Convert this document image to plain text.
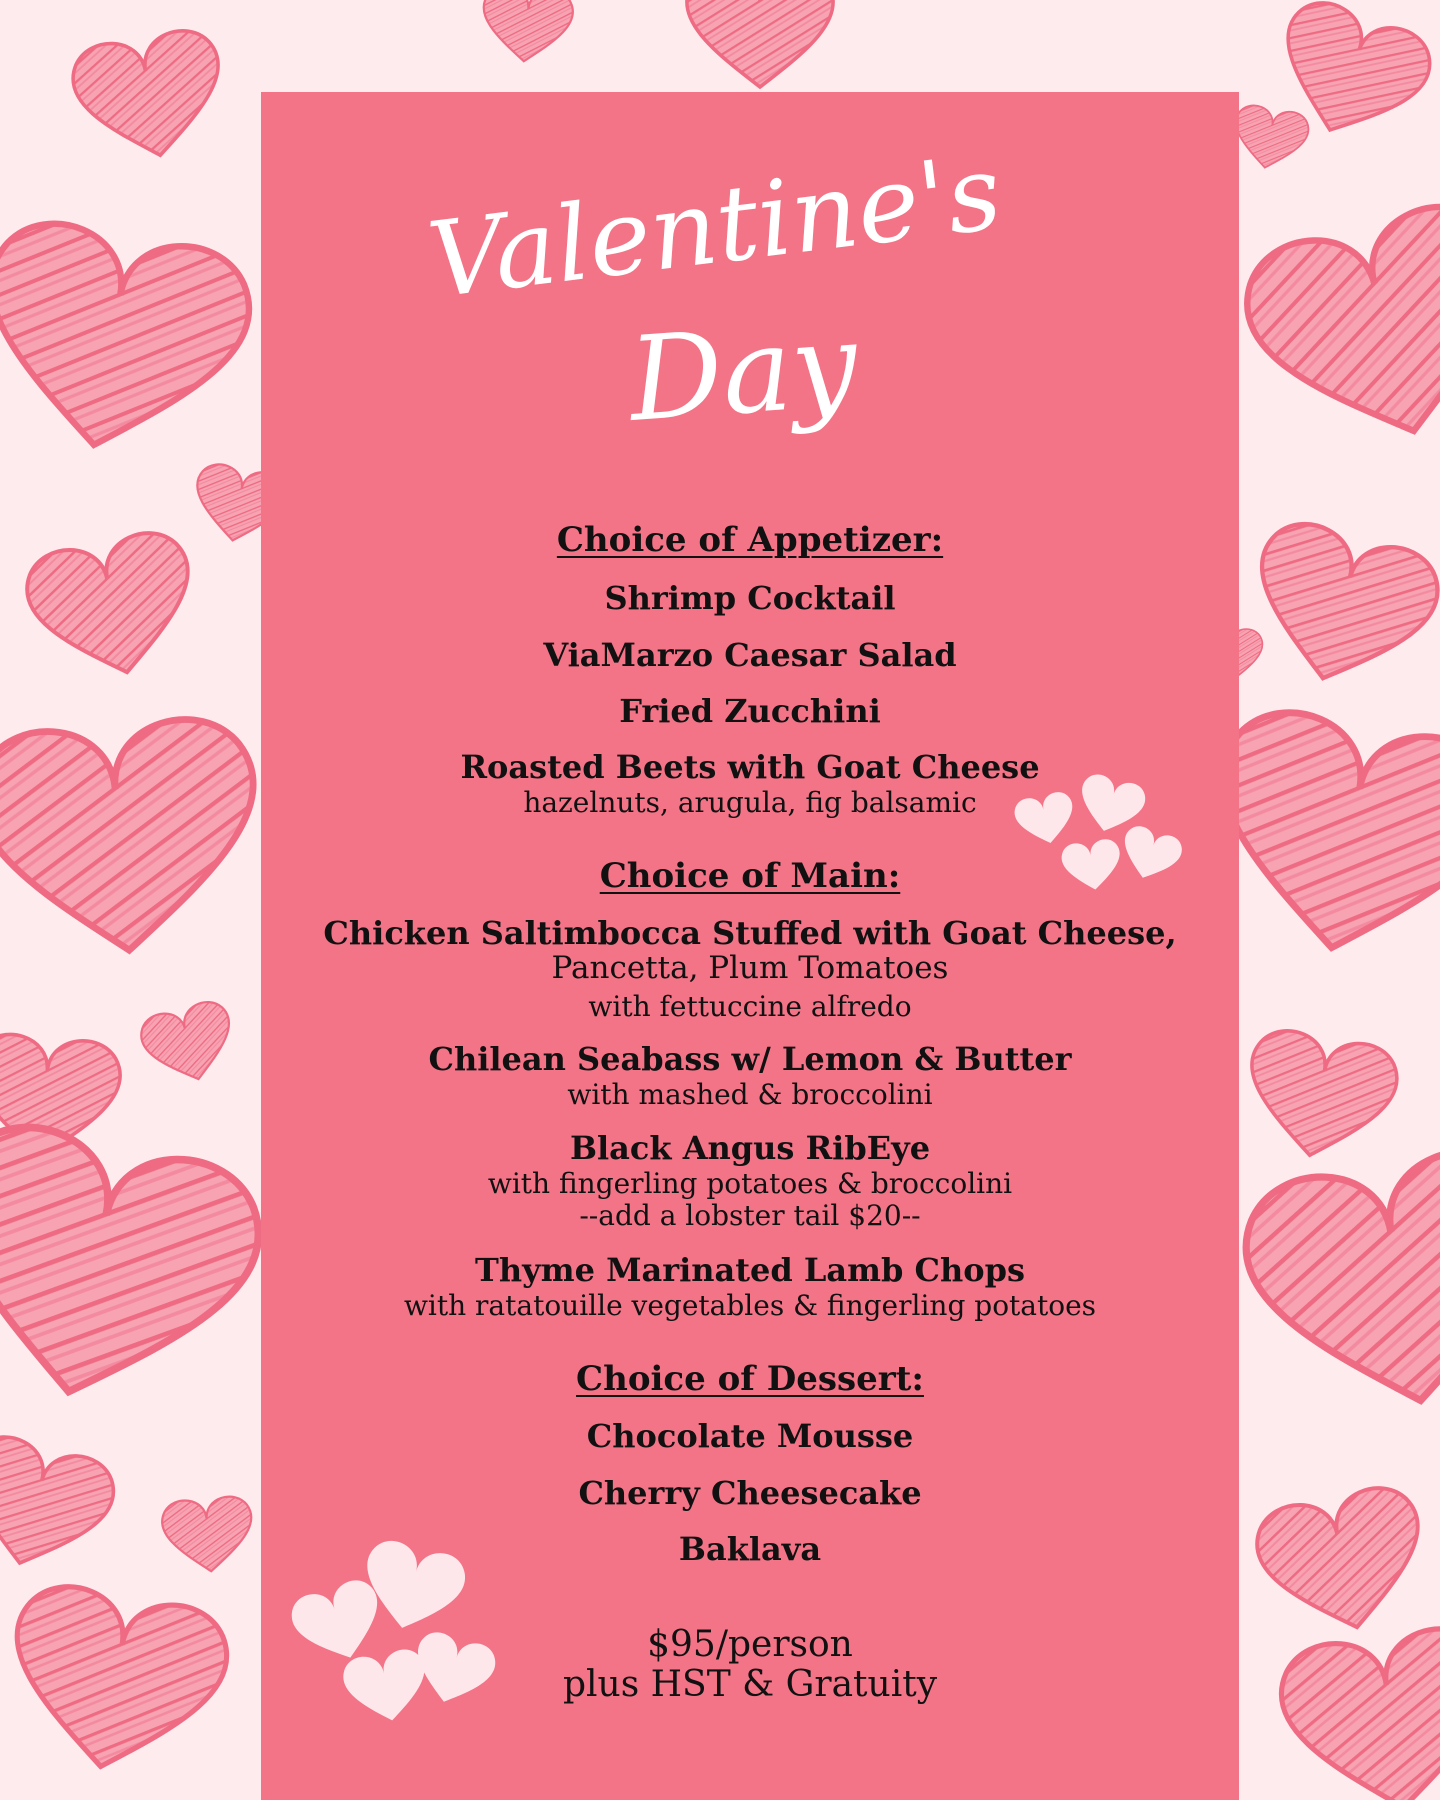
Valentine's
Day
Choice of Appetizer:
Shrimp Cocktail
ViaMarzo Caesar Salad
Fried Zucchini
Roasted Beets with Goat Cheese
hazelnuts, arugula, fig balsamic
Choice of Main:
Chicken Saltimbocca Stuffed with Goat Cheese,
Pancetta, Plum Tomatoes
with fettuccine alfredo
Chilean Seabass w/ Lemon & Butter
with mashed & broccolini
Black Angus RibEye
with fingerling potatoes & broccolini
--add a lobster tail $20--
Thyme Marinated Lamb Chops
with ratatouille vegetables & fingerling potatoes
Choice of Dessert:
Chocolate Mousse
Cherry Cheesecake
Baklava
$95/person
plus HST & Gratuity
